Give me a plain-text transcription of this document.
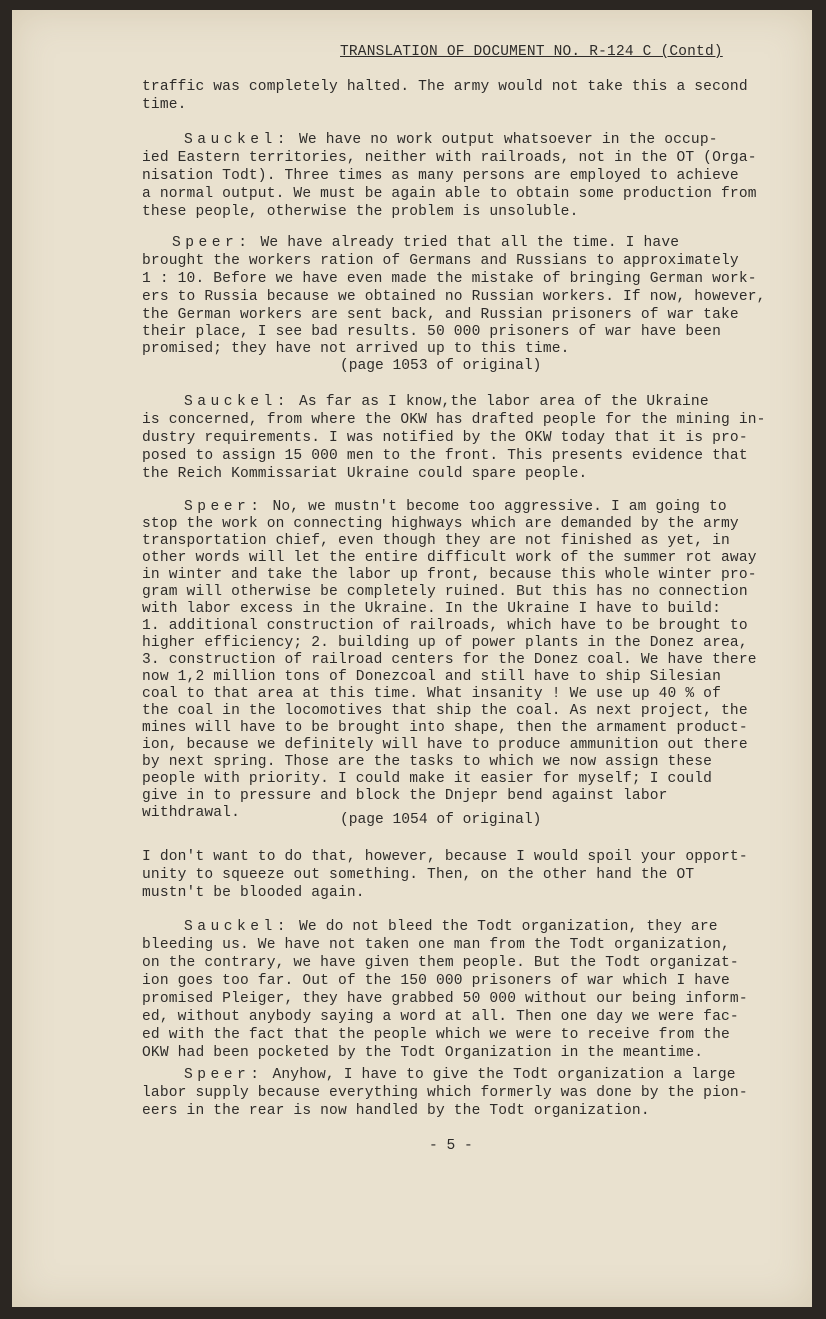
TRANSLATION OF DOCUMENT NO. R-124 C (Contd)
traffic was completely halted. The army would not take this a second
time.
Sauckel: We have no work output whatsoever in the occup-
ied Eastern territories, neither with railroads, not in the OT (Orga-
nisation Todt). Three times as many persons are employed to achieve
a normal output. We must be again able to obtain some production from
these people, otherwise the problem is unsoluble.
Speer: We have already tried that all the time. I have
brought the workers ration of Germans and Russians to approximately
1 : 10. Before we have even made the mistake of bringing German work-
ers to Russia because we obtained no Russian workers. If now, however,
the German workers are sent back, and Russian prisoners of war take
their place, I see bad results. 50 000 prisoners of war have been
promised; they have not arrived up to this time.
(page 1053 of original)
Sauckel: As far as I know,the labor area of the Ukraine
is concerned, from where the OKW has drafted people for the mining in-
dustry requirements. I was notified by the OKW today that it is pro-
posed to assign 15 000 men to the front. This presents evidence that
the Reich Kommissariat Ukraine could spare people.
Speer: No, we mustn't become too aggressive. I am going to
stop the work on connecting highways which are demanded by the army
transportation chief, even though they are not finished as yet, in
other words will let the entire difficult work of the summer rot away
in winter and take the labor up front, because this whole winter pro-
gram will otherwise be completely ruined. But this has no connection
with labor excess in the Ukraine. In the Ukraine I have to build:
1. additional construction of railroads, which have to be brought to
higher efficiency; 2. building up of power plants in the Donez area,
3. construction of railroad centers for the Donez coal. We have there
now 1,2 million tons of Donezcoal and still have to ship Silesian
coal to that area at this time. What insanity ! We use up 40 % of
the coal in the locomotives that ship the coal. As next project, the
mines will have to be brought into shape, then the armament product-
ion, because we definitely will have to produce ammunition out there
by next spring. Those are the tasks to which we now assign these
people with priority. I could make it easier for myself; I could
give in to pressure and block the Dnjepr bend against labor
withdrawal.	(page 1054 of original)
I don't want to do that, however, because I would spoil your opport-
unity to squeeze out something. Then, on the other hand the OT
mustn't be blooded again.
Sauckel: We do not bleed the Todt organization, they are
bleeding us. We have not taken one man from the Todt organization,
on the contrary, we have given them people. But the Todt organizat-
ion goes too far. Out of the 150 000 prisoners of war which I have
promised Pleiger, they have grabbed 50 000 without our being inform-
ed, without anybody saying a word at all. Then one day we were fac-
ed with the fact that the people which we were to receive from the
OKW had been pocketed by the Todt Organization in the meantime.
Speer: Anyhow, I have to give the Todt organization a large
labor supply because everything which formerly was done by the pion-
eers in the rear is now handled by the Todt organization.
- 5 -
